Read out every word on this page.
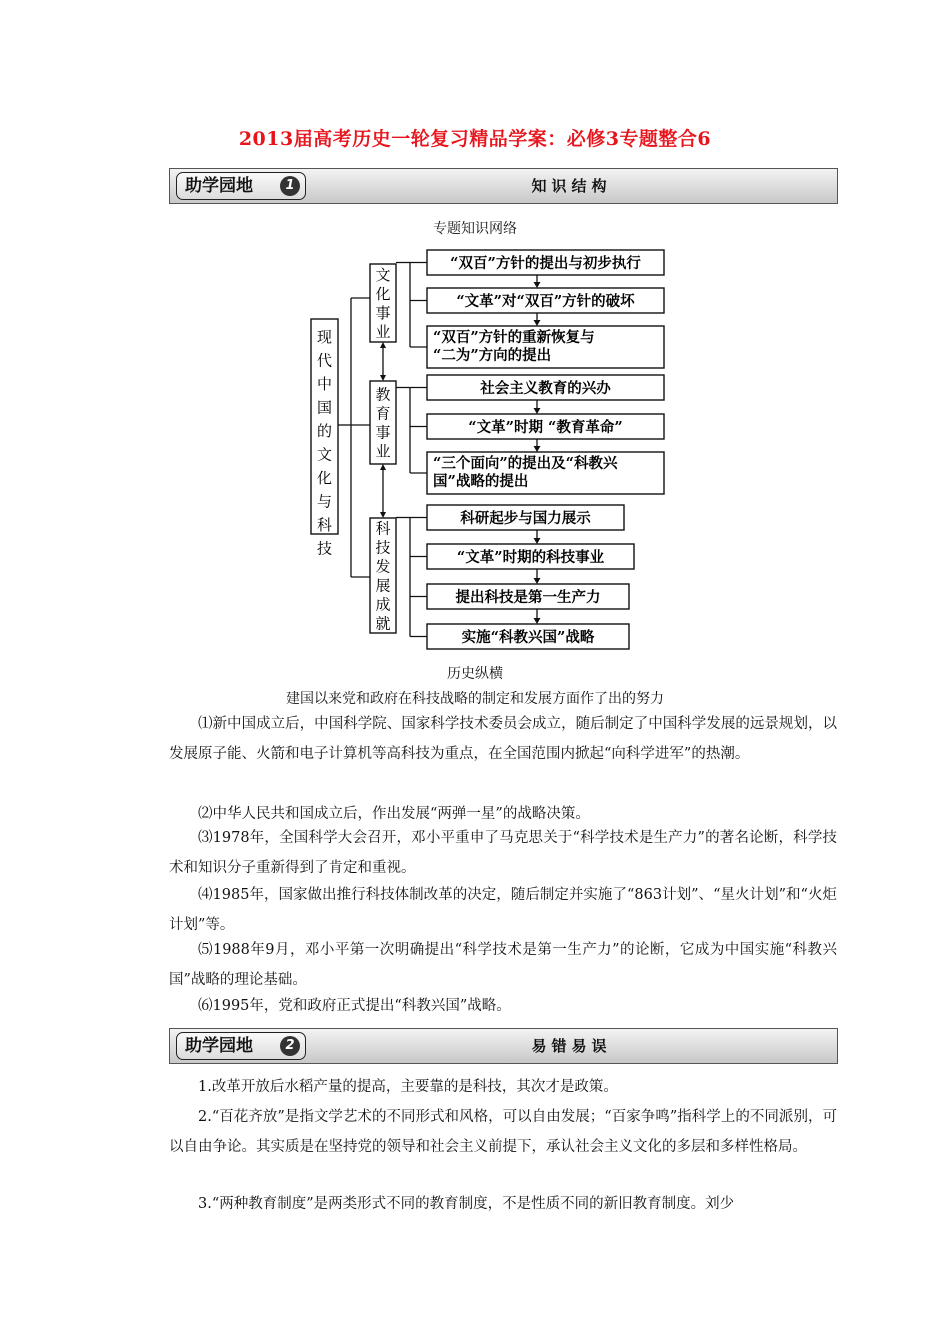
2013届高考历史一轮复习精品学案：必修3专题整合6
助学园地	1	知识结构
专题知识网络
现
代
中
国
的
文
化
与
科
技
文
化
事
业
教
育
事
业
科
技
发
展
成
就
“双百”方针的提出与初步执行
“文革”对“双百”方针的破坏
“双百”方针的重新恢复与
“二为”方向的提出
社会主义教育的兴办
“文革”时期 “教育革命”
“三个面向”的提出及“科教兴
国”战略的提出
科研起步与国力展示
“文革”时期的科技事业
提出科技是第一生产力
实施“科教兴国”战略
历史纵横
建国以来党和政府在科技战略的制定和发展方面作了出的努力

⑴新中国成立后，中国科学院、国家科学技术委员会成立，随后制定了中国科学发展的远景规划，以发展原子能、火箭和电子计算机等高科技为重点，在全国范围内掀起“向科学进军”的热潮。

⑵中华人民共和国成立后，作出发展“两弹一星”的战略决策。

⑶1978年，全国科学大会召开，邓小平重申了马克思关于“科学技术是生产力”的著名论断，科学技术和知识分子重新得到了肯定和重视。

⑷1985年，国家做出推行科技体制改革的决定，随后制定并实施了“863计划”、“星火计划”和“火炬计划”等。

⑸1988年9月，邓小平第一次明确提出“科学技术是第一生产力”的论断，它成为中国实施“科教兴国”战略的理论基础。

⑹1995年，党和政府正式提出“科教兴国”战略。

助学园地	2	易错易误

1.改革开放后水稻产量的提高，主要靠的是科技，其次才是政策。

2.“百花齐放”是指文学艺术的不同形式和风格，可以自由发展；“百家争鸣”指科学上的不同派别，可以自由争论。其实质是在坚持党的领导和社会主义前提下，承认社会主义文化的多层和多样性格局。

3.“两种教育制度”是两类形式不同的教育制度，不是性质不同的新旧教育制度。刘少
